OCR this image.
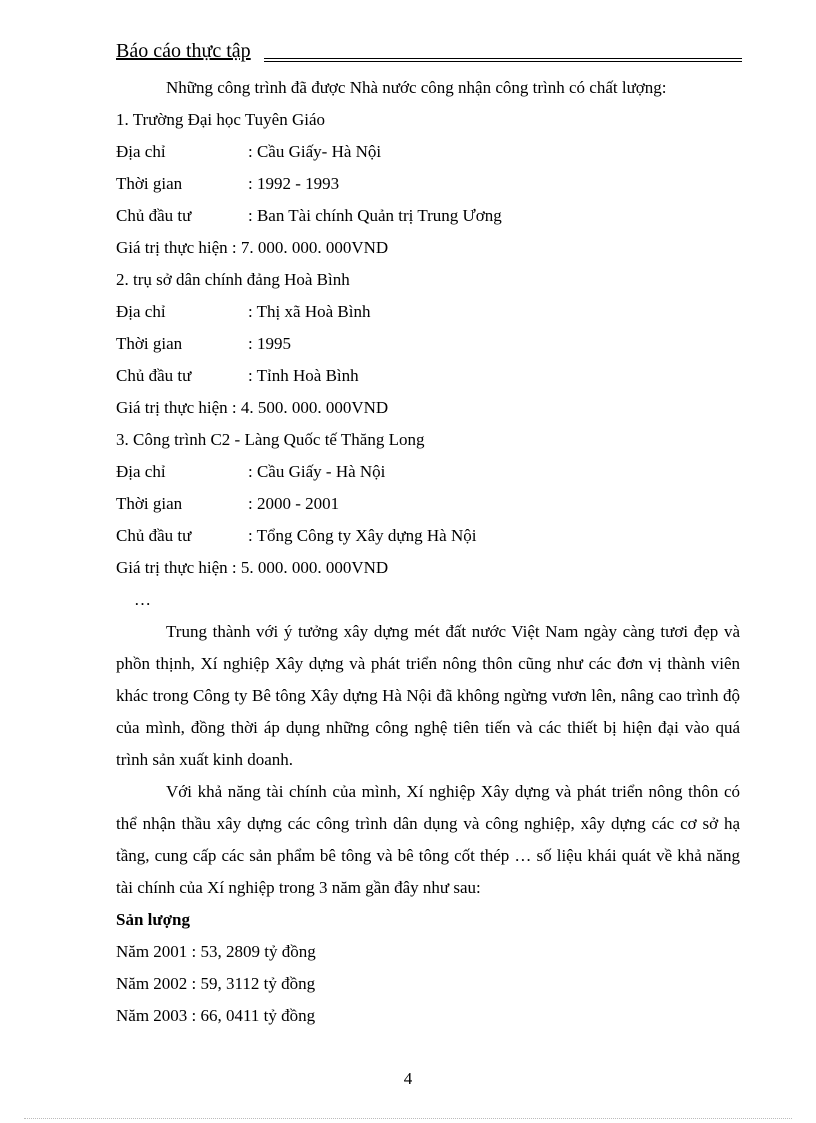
Báo cáo thực tập
Những công trình đã được Nhà nước công nhận công trình có chất lượng:
1. Trường Đại học Tuyên Giáo
Địa chỉ	: Cầu Giấy- Hà Nội
Thời gian	: 1992 - 1993
Chủ đầu tư	: Ban Tài chính Quản trị Trung Ương
Giá trị thực hiện : 7. 000. 000. 000VND
2. trụ sở dân chính đảng Hoà Bình
Địa chỉ	: Thị xã Hoà Bình
Thời gian	: 1995
Chủ đầu tư	: Tỉnh Hoà Bình
Giá trị thực hiện : 4. 500. 000. 000VND
3. Công trình C2 - Làng Quốc tế Thăng Long
Địa chỉ	: Cầu Giấy - Hà Nội
Thời gian	: 2000 - 2001
Chủ đầu tư	: Tổng Công ty Xây dựng Hà Nội
Giá trị thực hiện : 5. 000. 000. 000VND
…

Trung thành với ý tưởng xây dựng mét đất nước Việt Nam ngày càng tươi đẹp và phồn thịnh, Xí nghiệp Xây dựng và phát triển nông thôn cũng như các đơn vị thành viên khác trong Công ty Bê tông Xây dựng Hà Nội đã không ngừng vươn lên, nâng cao trình độ của mình, đồng thời áp dụng những công nghệ tiên tiến và các thiết bị hiện đại vào quá trình sản xuất kinh doanh.

Với khả năng tài chính của mình, Xí nghiệp Xây dựng và phát triển nông thôn có thể nhận thầu xây dựng các công trình dân dụng và công nghiệp, xây dựng các cơ sở hạ tầng, cung cấp các sản phẩm bê tông và bê tông cốt thép … số liệu khái quát về khả năng tài chính của Xí nghiệp trong 3 năm gần đây như sau:

Sản lượng
Năm 2001 : 53, 2809 tỷ đồng
Năm 2002 : 59, 3112 tỷ đồng
Năm 2003 : 66, 0411 tỷ đồng
4
